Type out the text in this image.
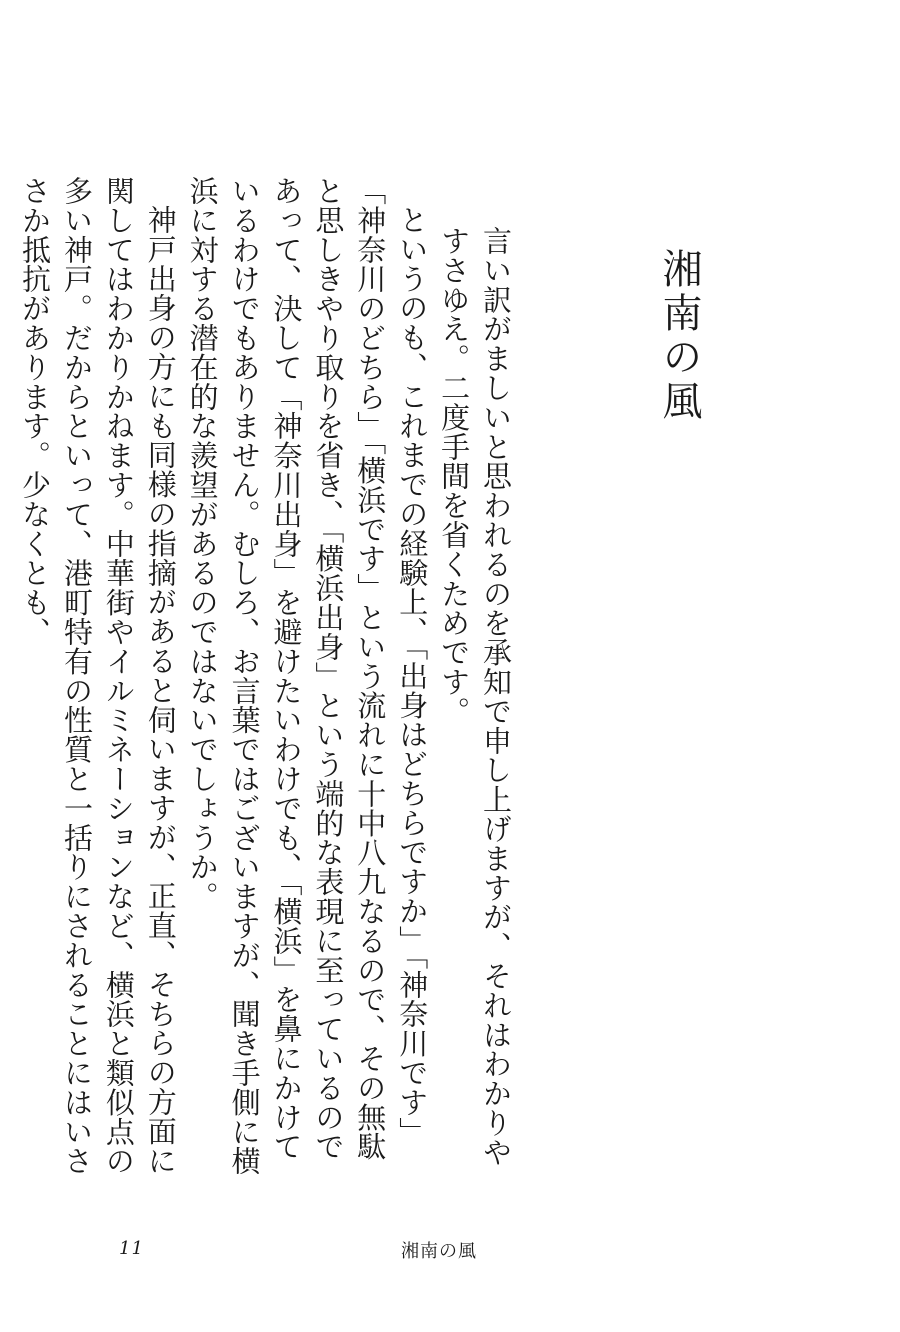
湘南の風

言い訳がましいと思われるのを承知で申し上げますが、それはわかりやすさゆえ。二度手間を省くためです。

というのも、これまでの経験上、「出身はどちらですか」「神奈川です」「神奈川のどちら」「横浜です」という流れに十中八九なるので、その無駄と思しきやり取りを省き、「横浜出身」という端的な表現に至っているのであって、決して「神奈川出身」を避けたいわけでも、「横浜」を鼻にかけているわけでもありません。むしろ、お言葉ではございますが、聞き手側に横浜に対する潜在的な羨望があるのではないでしょうか。

神戸出身の方にも同様の指摘があると伺いますが、正直、そちらの方面に関してはわかりかねます。中華街やイルミネーションなど、横浜と類似点の多い神戸。だからといって、港町特有の性質と一括りにされることにはいささか抵抗があります。少なくとも、

11	湘南の風
